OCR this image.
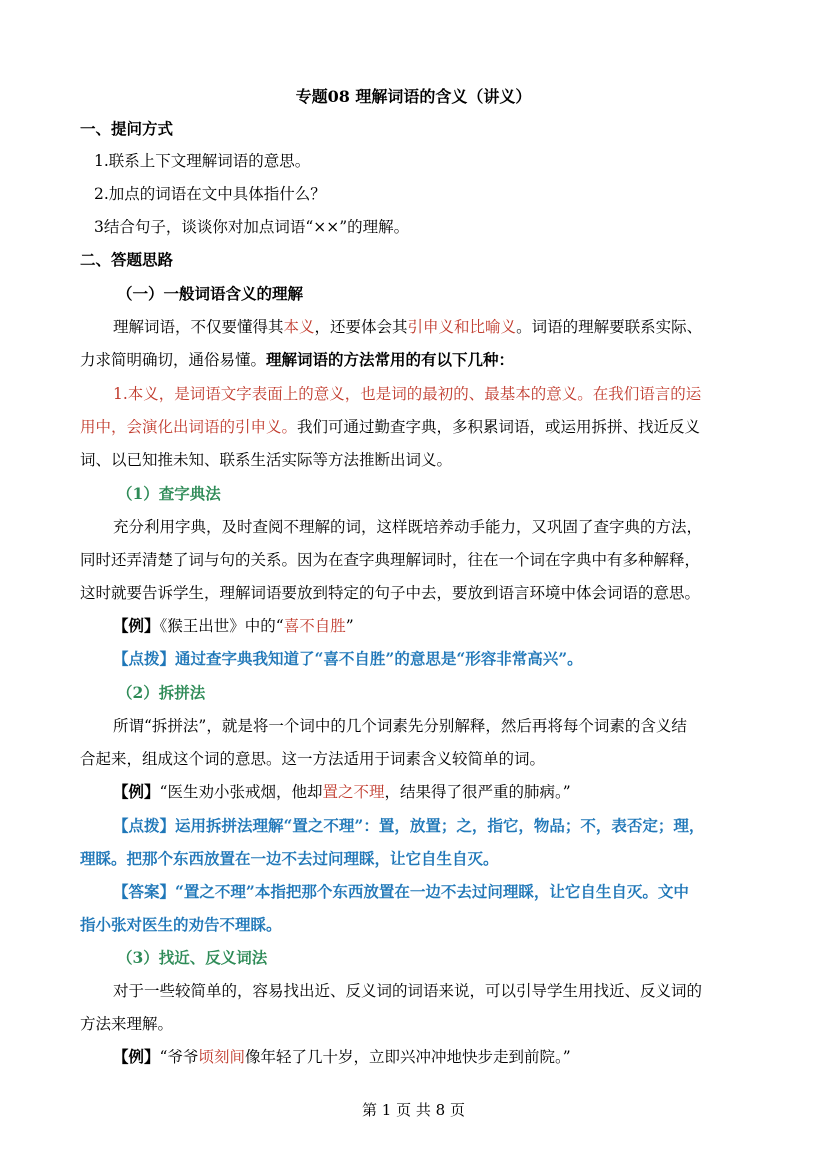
专题08 理解词语的含义（讲义）
一、提问方式
1.联系上下文理解词语的意思。
2.加点的词语在文中具体指什么？
3结合句子，谈谈你对加点词语“××”的理解。
二、答题思路
（一）一般词语含义的理解
理解词语，不仅要懂得其本义，还要体会其引申义和比喻义。词语的理解要联系实际、
力求简明确切，通俗易懂。理解词语的方法常用的有以下几种：
1.本义，是词语文字表面上的意义，也是词的最初的、最基本的意义。在我们语言的运
用中，会演化出词语的引申义。我们可通过勤查字典，多积累词语，或运用拆拼、找近反义
词、以已知推未知、联系生活实际等方法推断出词义。
（1）查字典法
充分利用字典，及时查阅不理解的词，这样既培养动手能力，又巩固了查字典的方法，
同时还弄清楚了词与句的关系。因为在查字典理解词时，往在一个词在字典中有多种解释，
这时就要告诉学生，理解词语要放到特定的句子中去，要放到语言环境中体会词语的意思。
【例】《猴王出世》中的“喜不自胜”
【点拨】通过查字典我知道了“喜不自胜”的意思是“形容非常高兴”。
（2）拆拼法
所谓“拆拼法”，就是将一个词中的几个词素先分别解释，然后再将每个词素的含义结
合起来，组成这个词的意思。这一方法适用于词素含义较简单的词。
【例】“医生劝小张戒烟，他却置之不理，结果得了很严重的肺病。”
【点拨】运用拆拼法理解“置之不理”：置，放置；之，指它，物品；不，表否定；理，
理睬。把那个东西放置在一边不去过问理睬，让它自生自灭。
【答案】“置之不理”本指把那个东西放置在一边不去过问理睬，让它自生自灭。文中
指小张对医生的劝告不理睬。
（3）找近、反义词法
对于一些较简单的，容易找出近、反义词的词语来说，可以引导学生用找近、反义词的
方法来理解。
【例】“爷爷顷刻间像年轻了几十岁，立即兴冲冲地快步走到前院。”
第 1 页 共 8 页
